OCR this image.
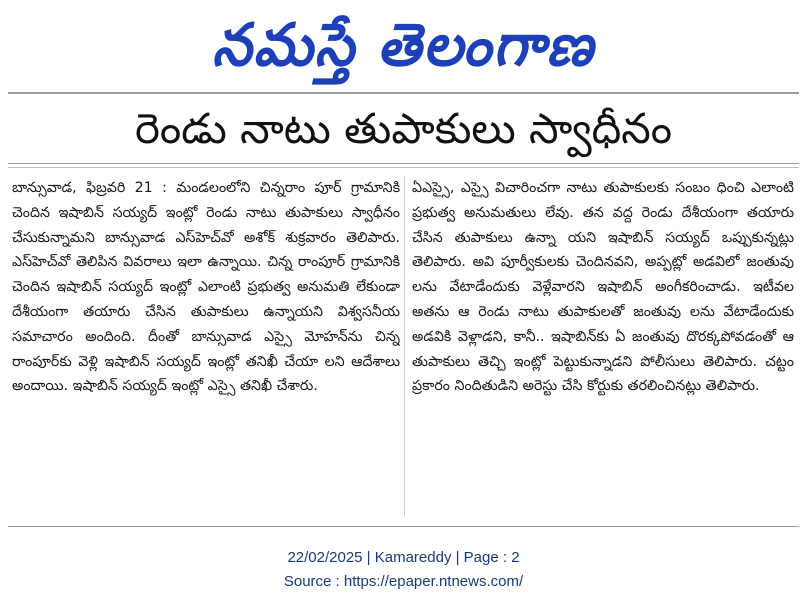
నమస్తే తెలంగాణ
రెండు నాటు తుపాకులు స్వాధీనం
బాన్సువాడ, ఫిబ్రవరి 21 : మండలంలోని చిన్నరాం పూర్ గ్రామానికి చెందిన ఇషాబిన్ సయ్యద్ ఇంట్లో రెండు నాటు తుపాకులు స్వాధీనం చేసుకున్నామని బాన్సువాడ ఎస్‌హెచ్‌వో అశోక్ శుక్రవారం తెలిపారు. ఎస్‌హెచ్‌వో తెలిపిన వివరాలు ఇలా ఉన్నాయి. చిన్న రాంపూర్ గ్రామానికి చెందిన ఇషాబిన్ సయ్యద్ ఇంట్లో ఎలాంటి ప్రభుత్వ అనుమతి లేకుండా దేశీయంగా తయారు చేసిన తుపాకులు ఉన్నాయని విశ్వసనీయ సమాచారం అందింది. దీంతో బాన్సువాడ ఎస్సై మోహన్‌ను చిన్న రాంపూర్‌కు వెళ్లి ఇషాబిన్ సయ్యద్ ఇంట్లో తనిఖీ చేయా లని ఆదేశాలు అందాయి. ఇషాబిన్ సయ్యద్ ఇంట్లో ఎస్సై తనిఖీ చేశారు.
ఏఎస్సై, ఎస్సై విచారించగా నాటు తుపాకులకు సంబం ధించి ఎలాంటి ప్రభుత్వ అనుమతులు లేవు. తన వద్ద రెండు దేశీయంగా తయారు చేసిన తుపాకులు ఉన్నా యని ఇషాబిన్ సయ్యద్ ఒప్పుకున్నట్లు తెలిపారు. అవి పూర్వీకులకు చెందినవని, అప్పట్లో అడవిలో జంతువు లను వేటాడేందుకు వెళ్లేవారని ఇషాబిన్ అంగీకరించాడు. ఇటీవల అతను ఆ రెండు నాటు తుపాకులతో జంతువు లను వేటాడేందుకు అడవికి వెళ్లాడని, కానీ.. ఇషాబిన్‌కు ఏ జంతువు దొరక్కపోవడంతో ఆ తుపాకులు తెచ్చి ఇంట్లో పెట్టుకున్నాడని పోలీసులు తెలిపారు. చట్టం ప్రకారం నిందితుడిని అరెస్టు చేసి కోర్టుకు తరలించినట్లు తెలిపారు.
22/02/2025 | Kamareddy | Page : 2
Source : https://epaper.ntnews.com/
